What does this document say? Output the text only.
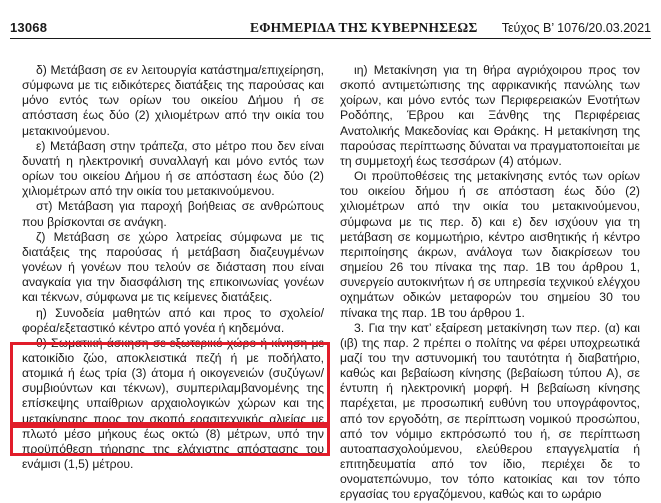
13068	ΕΦΗΜΕΡΙΔΑ ΤΗΣ ΚΥΒΕΡΝΗΣΕΩΣ Τεύχος Β’ 1076/20.03.2021

δ) Μετάβαση σε εν λειτουργία κατάστημα/επιχείρηση, σύμφωνα με τις ειδικότερες διατάξεις της παρούσας και μόνο εντός των ορίων του οικείου Δήμου ή σε απόσταση έως δύο (2) χιλιομέτρων από την οικία του μετακινούμενου.

ε) Μετάβαση στην τράπεζα, στο μέτρο που δεν είναι δυνατή η ηλεκτρονική συναλλαγή και μόνο εντός των ορίων του οικείου Δήμου ή σε απόσταση έως δύο (2) χιλιομέτρων από την οικία του μετακινούμενου.

στ) Μετάβαση για παροχή βοήθειας σε ανθρώπους που βρίσκονται σε ανάγκη.

ζ) Μετάβαση σε χώρο λατρείας σύμφωνα με τις διατάξεις της παρούσας ή μετάβαση διαζευγμένων γονέων ή γονέων που τελούν σε διάσταση που είναι αναγκαία για την διασφάλιση της επικοινωνίας γονέων και τέκνων, σύμφωνα με τις κείμενες διατάξεις.

η) Συνοδεία μαθητών από και προς το σχολείο/φορέα/εξεταστικό κέντρο από γονέα ή κηδεμόνα.

θ) Σωματική άσκηση σε εξωτερικό χώρο ή κίνηση με κατοικίδιο ζώο, αποκλειστικά πεζή ή με ποδήλατο, ατομικά ή έως τρία (3) άτομα ή οικογενειών (συζύγων/συμβιούντων και τέκνων), συμπεριλαμβανομένης της επίσκεψης υπαίθριων αρχαιολογικών χώρων και της μετακίνησης προς τον σκοπό ερασιτεχνικής αλιείας με πλωτό μέσο μήκους έως οκτώ (8) μέτρων, υπό την προϋπόθεση τήρησης της ελάχιστης απόστασης του ενάμισι (1,5) μέτρου.

ιη) Μετακίνηση για τη θήρα αγριόχοιρου προς τον σκοπό αντιμετώπισης της αφρικανικής πανώλης των χοίρων, και μόνο εντός των Περιφερειακών Ενοτήτων Ροδόπης, Έβρου και Ξάνθης της Περιφέρειας Ανατολικής Μακεδονίας και Θράκης. Η μετακίνηση της παρούσας περίπτωσης δύναται να πραγματοποιείται με τη συμμετοχή έως τεσσάρων (4) ατόμων.

Οι προϋποθέσεις της μετακίνησης εντός των ορίων του οικείου δήμου ή σε απόσταση έως δύο (2) χιλιομέτρων από την οικία του μετακινούμενου, σύμφωνα με τις περ. δ) και ε) δεν ισχύουν για τη μετάβαση σε κομμωτήριο, κέντρο αισθητικής ή κέντρο περιποίησης άκρων, ανάλογα των διακρίσεων του σημείου 26 του πίνακα της παρ. 1Β του άρθρου 1, συνεργείο αυτοκινήτων ή σε υπηρεσία τεχνικού ελέγχου οχημάτων οδικών μεταφορών του σημείου 30 του πίνακα της παρ. 1Β του άρθρου 1.

3. Για την κατ’ εξαίρεση μετακίνηση των περ. (α) και (ιβ) της παρ. 2 πρέπει ο πολίτης να φέρει υποχρεωτικά μαζί του την αστυνομική του ταυτότητα ή διαβατήριο, καθώς και βεβαίωση κίνησης (βεβαίωση τύπου Α), σε έντυπη ή ηλεκτρονική μορφή. Η βεβαίωση κίνησης παρέχεται, με προσωπική ευθύνη του υπογράφοντος, από τον εργοδότη, σε περίπτωση νομικού προσώπου, από τον νόμιμο εκπρόσωπό του ή, σε περίπτωση αυτοαπασχολούμενου, ελεύθερου επαγγελματία ή επιτηδευματία από τον ίδιο, περιέχει δε το ονοματεπώνυμο, τον τόπο κατοικίας και τον τόπο εργασίας του εργαζόμενου, καθώς και το ωράριο
